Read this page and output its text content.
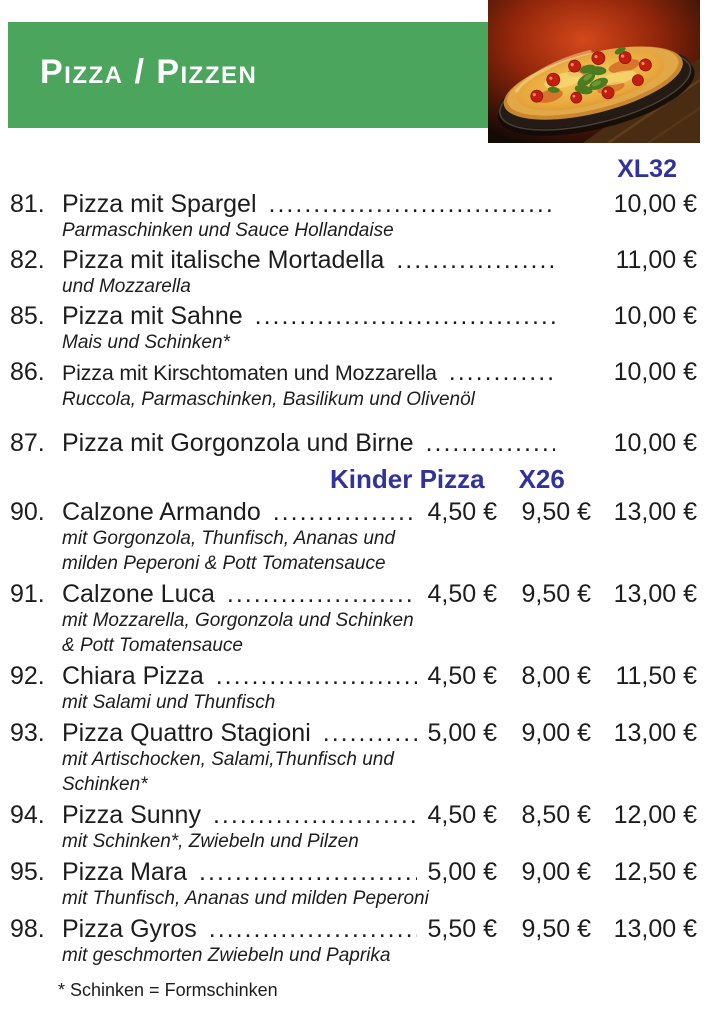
Pizza / Pizzen
XL32
81. Pizza mit Spargel .....	10,00 €
Parmaschinken und Sauce Hollandaise
82. Pizza mit italische Mortadella .....	11,00 €
und Mozzarella
85. Pizza mit Sahne .....	10,00 €
Mais und Schinken*
86. Pizza mit Kirschtomaten und Mozzarella .....	10,00 €
Ruccola, Parmaschinken, Basilikum und Olivenöl
87. Pizza mit Gorgonzola und Birne .....	10,00 €
Kinder Pizza X26
90. Calzone Armando .....	4,50 € 9,50 € 13,00 €
mit Gorgonzola, Thunfisch, Ananas und
milden Peperoni & Pott Tomatensauce
91. Calzone Luca .....	4,50 € 9,50 € 13,00 €
mit Mozzarella, Gorgonzola und Schinken
& Pott Tomatensauce
92. Chiara Pizza .....	4,50 € 8,00 € 11,50 €
mit Salami und Thunfisch
93. Pizza Quattro Stagioni .....	5,00 € 9,00 € 13,00 €
mit Artischocken, Salami,Thunfisch und
Schinken*
94. Pizza Sunny .....	4,50 € 8,50 € 12,00 €
mit Schinken*, Zwiebeln und Pilzen
95. Pizza Mara .....	5,00 € 9,00 € 12,50 €
mit Thunfisch, Ananas und milden Peperoni
98. Pizza Gyros .....	5,50 € 9,50 € 13,00 €
mit geschmorten Zwiebeln und Paprika
* Schinken = Formschinken
